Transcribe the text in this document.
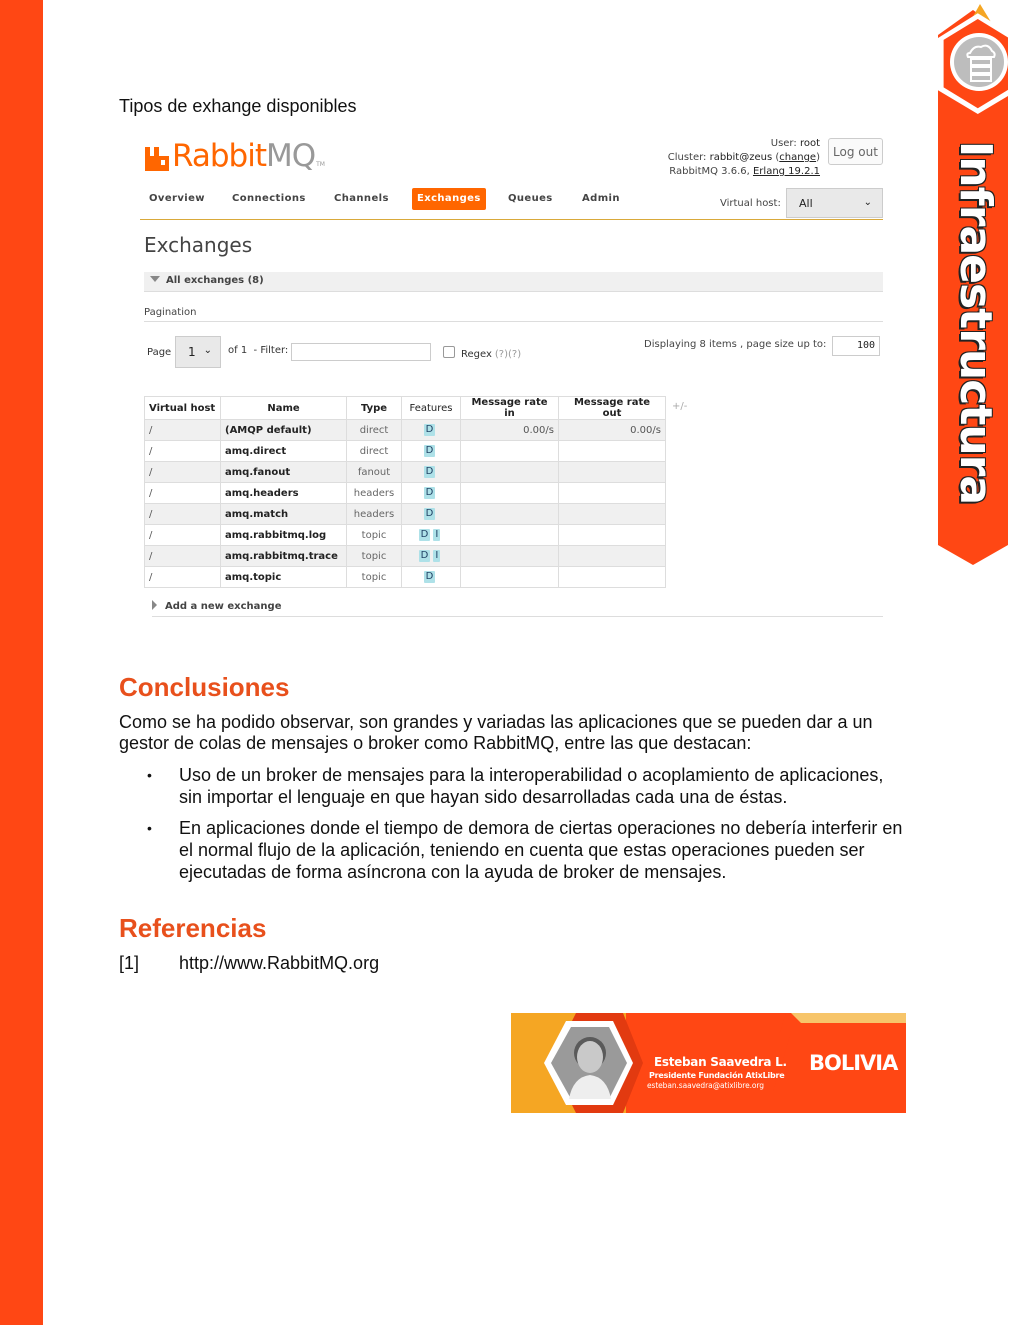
Infraestructura
Tipos de exhange disponibles
RabbitMQ TM
User: root
Cluster: rabbit@zeus (change)
RabbitMQ 3.6.6, Erlang 19.2.1
Log out
Overview	Connections	Channels	Exchanges	Queues	Admin	Virtual host:	All	⌄
Exchanges
All exchanges (8)
Pagination
Page	1 ⌄ of 1  - Filter:	Regex (?)(?)
Displaying 8 items , page size up to:	100
Virtual host	Name	Type	Features	Message rate in	Message rate out
/	(AMQP default)	direct	D	0.00/s	0.00/s
/	amq.direct	direct	D		
/	amq.fanout	fanout	D		
/	amq.headers	headers	D		
/	amq.match	headers	D		
/	amq.rabbitmq.log	topic	D I		
/	amq.rabbitmq.trace	topic	D I		
/	amq.topic	topic	D		
+/-
Add a new exchange
Conclusiones
Como se ha podido observar, son grandes y variadas las aplicaciones que se pueden dar a un gestor de colas de mensajes o broker como RabbitMQ, entre las que destacan:
• Uso de un broker de mensajes para la interoperabilidad o acoplamiento de aplicaciones, sin importar el lenguaje en que hayan sido desarrolladas cada una de éstas.
• En aplicaciones donde el tiempo de demora de ciertas operaciones no debería interferir en el normal flujo de la aplicación, teniendo en cuenta que estas operaciones pueden ser ejecutadas de forma asíncrona con la ayuda de broker de mensajes.
Referencias
[1] http://www.RabbitMQ.org
Esteban Saavedra L.
Presidente Fundación AtixLibre
esteban.saavedra@atixlibre.org
BOLIVIA
